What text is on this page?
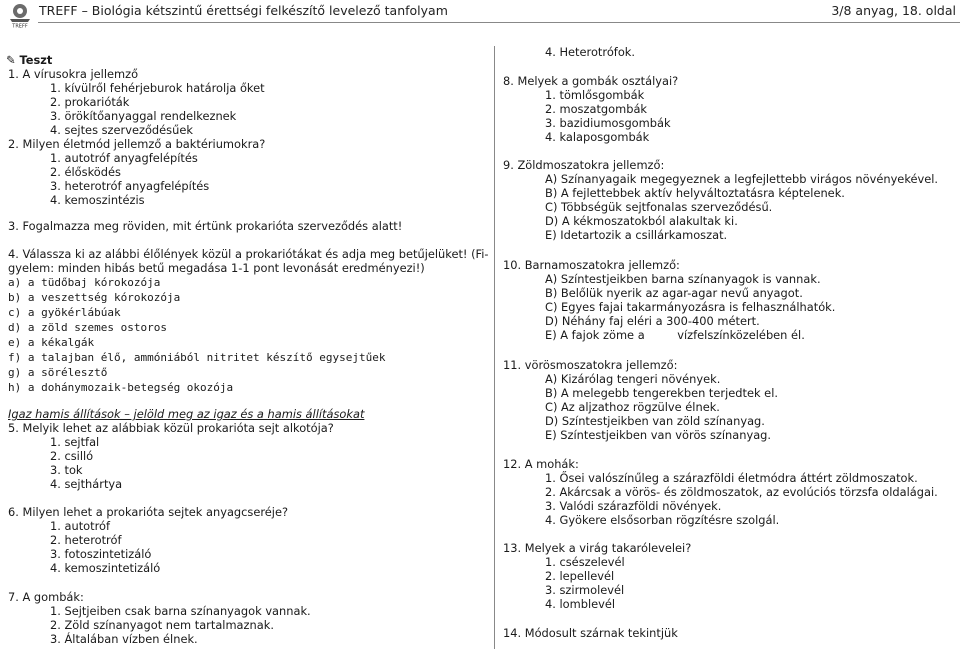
TREFF
TREFF – Biológia kétszintű érettségi felkészítő levelező tanfolyam	3/8 anyag, 18. oldal
✎ Teszt
1. A vírusokra jellemző
1. kívülről fehérjeburok határolja őket
2. prokarióták
3. örökítőanyaggal rendelkeznek
4. sejtes szerveződésűek
2. Milyen életmód jellemző a baktériumokra?
1. autotróf anyagfelépítés
2. élősködés
3. heterotróf anyagfelépítés
4. kemoszintézis
3. Fogalmazza meg röviden, mit értünk prokarióta szerveződés alatt!
4. Válassza ki az alábbi élőlények közül a prokariótákat és adja meg betűjelüket! (Fi-
gyelem: minden hibás betű megadása 1-1 pont levonását eredményezi!)
a) a tüdőbaj kórokozója
b) a veszettség kórokozója
c) a gyökérlábúak
d) a zöld szemes ostoros
e) a kékalgák
f) a talajban élő, ammóniából nitritet készítő egysejtűek
g) a sörélesztő
h) a dohánymozaik-betegség okozója
Igaz hamis állítások – jelöld meg az igaz és a hamis állításokat
5. Melyik lehet az alábbiak közül prokarióta sejt alkotója?
1. sejtfal
2. csilló
3. tok
4. sejthártya
6. Milyen lehet a prokarióta sejtek anyagcseréje?
1. autotróf
2. heterotróf
3. fotoszintetizáló
4. kemoszintetizáló
7. A gombák:
1. Sejtjeiben csak barna színanyagok vannak.
2. Zöld színanyagot nem tartalmaznak.
3. Általában vízben élnek.
4. Heterotrófok.
8. Melyek a gombák osztályai?
1. tömlősgombák
2. moszatgombák
3. bazidiumosgombák
4. kalaposgombák
9. Zöldmoszatokra jellemző:
A) Színanyagaik megegyeznek a legfejlettebb virágos növényekével.
B) A fejlettebbek aktív helyváltoztatásra képtelenek.
C) Többségük sejtfonalas szerveződésű.
D) A kékmoszatokból alakultak ki.
E) Idetartozik a csillárkamoszat.
10. Barnamoszatokra jellemző:
A) Színtestjeikben barna színanyagok is vannak.
B) Belőlük nyerik az agar-agar nevű anyagot.
C) Egyes fajai takarmányozásra is felhasználhatók.
D) Néhány faj eléri a 300-400 métert.
E) A fajok zöme a         vízfelszínközelében él.
11. vörösmoszatokra jellemző:
A) Kizárólag tengeri növények.
B) A melegebb tengerekben terjedtek el.
C) Az aljzathoz rögzülve élnek.
D) Színtestjeikben van zöld színanyag.
E) Színtestjeikben van vörös színanyag.
12. A mohák:
1. Ősei valószínűleg a szárazföldi életmódra áttért zöldmoszatok.
2. Akárcsak a vörös- és zöldmoszatok, az evolúciós törzsfa oldalágai.
3. Valódi szárazföldi növények.
4. Gyökere elsősorban rögzítésre szolgál.
13. Melyek a virág takarólevelei?
1. csészelevél
2. lepellevél
3. szirmolevél
4. lomblevél
14. Módosult szárnak tekintjük
